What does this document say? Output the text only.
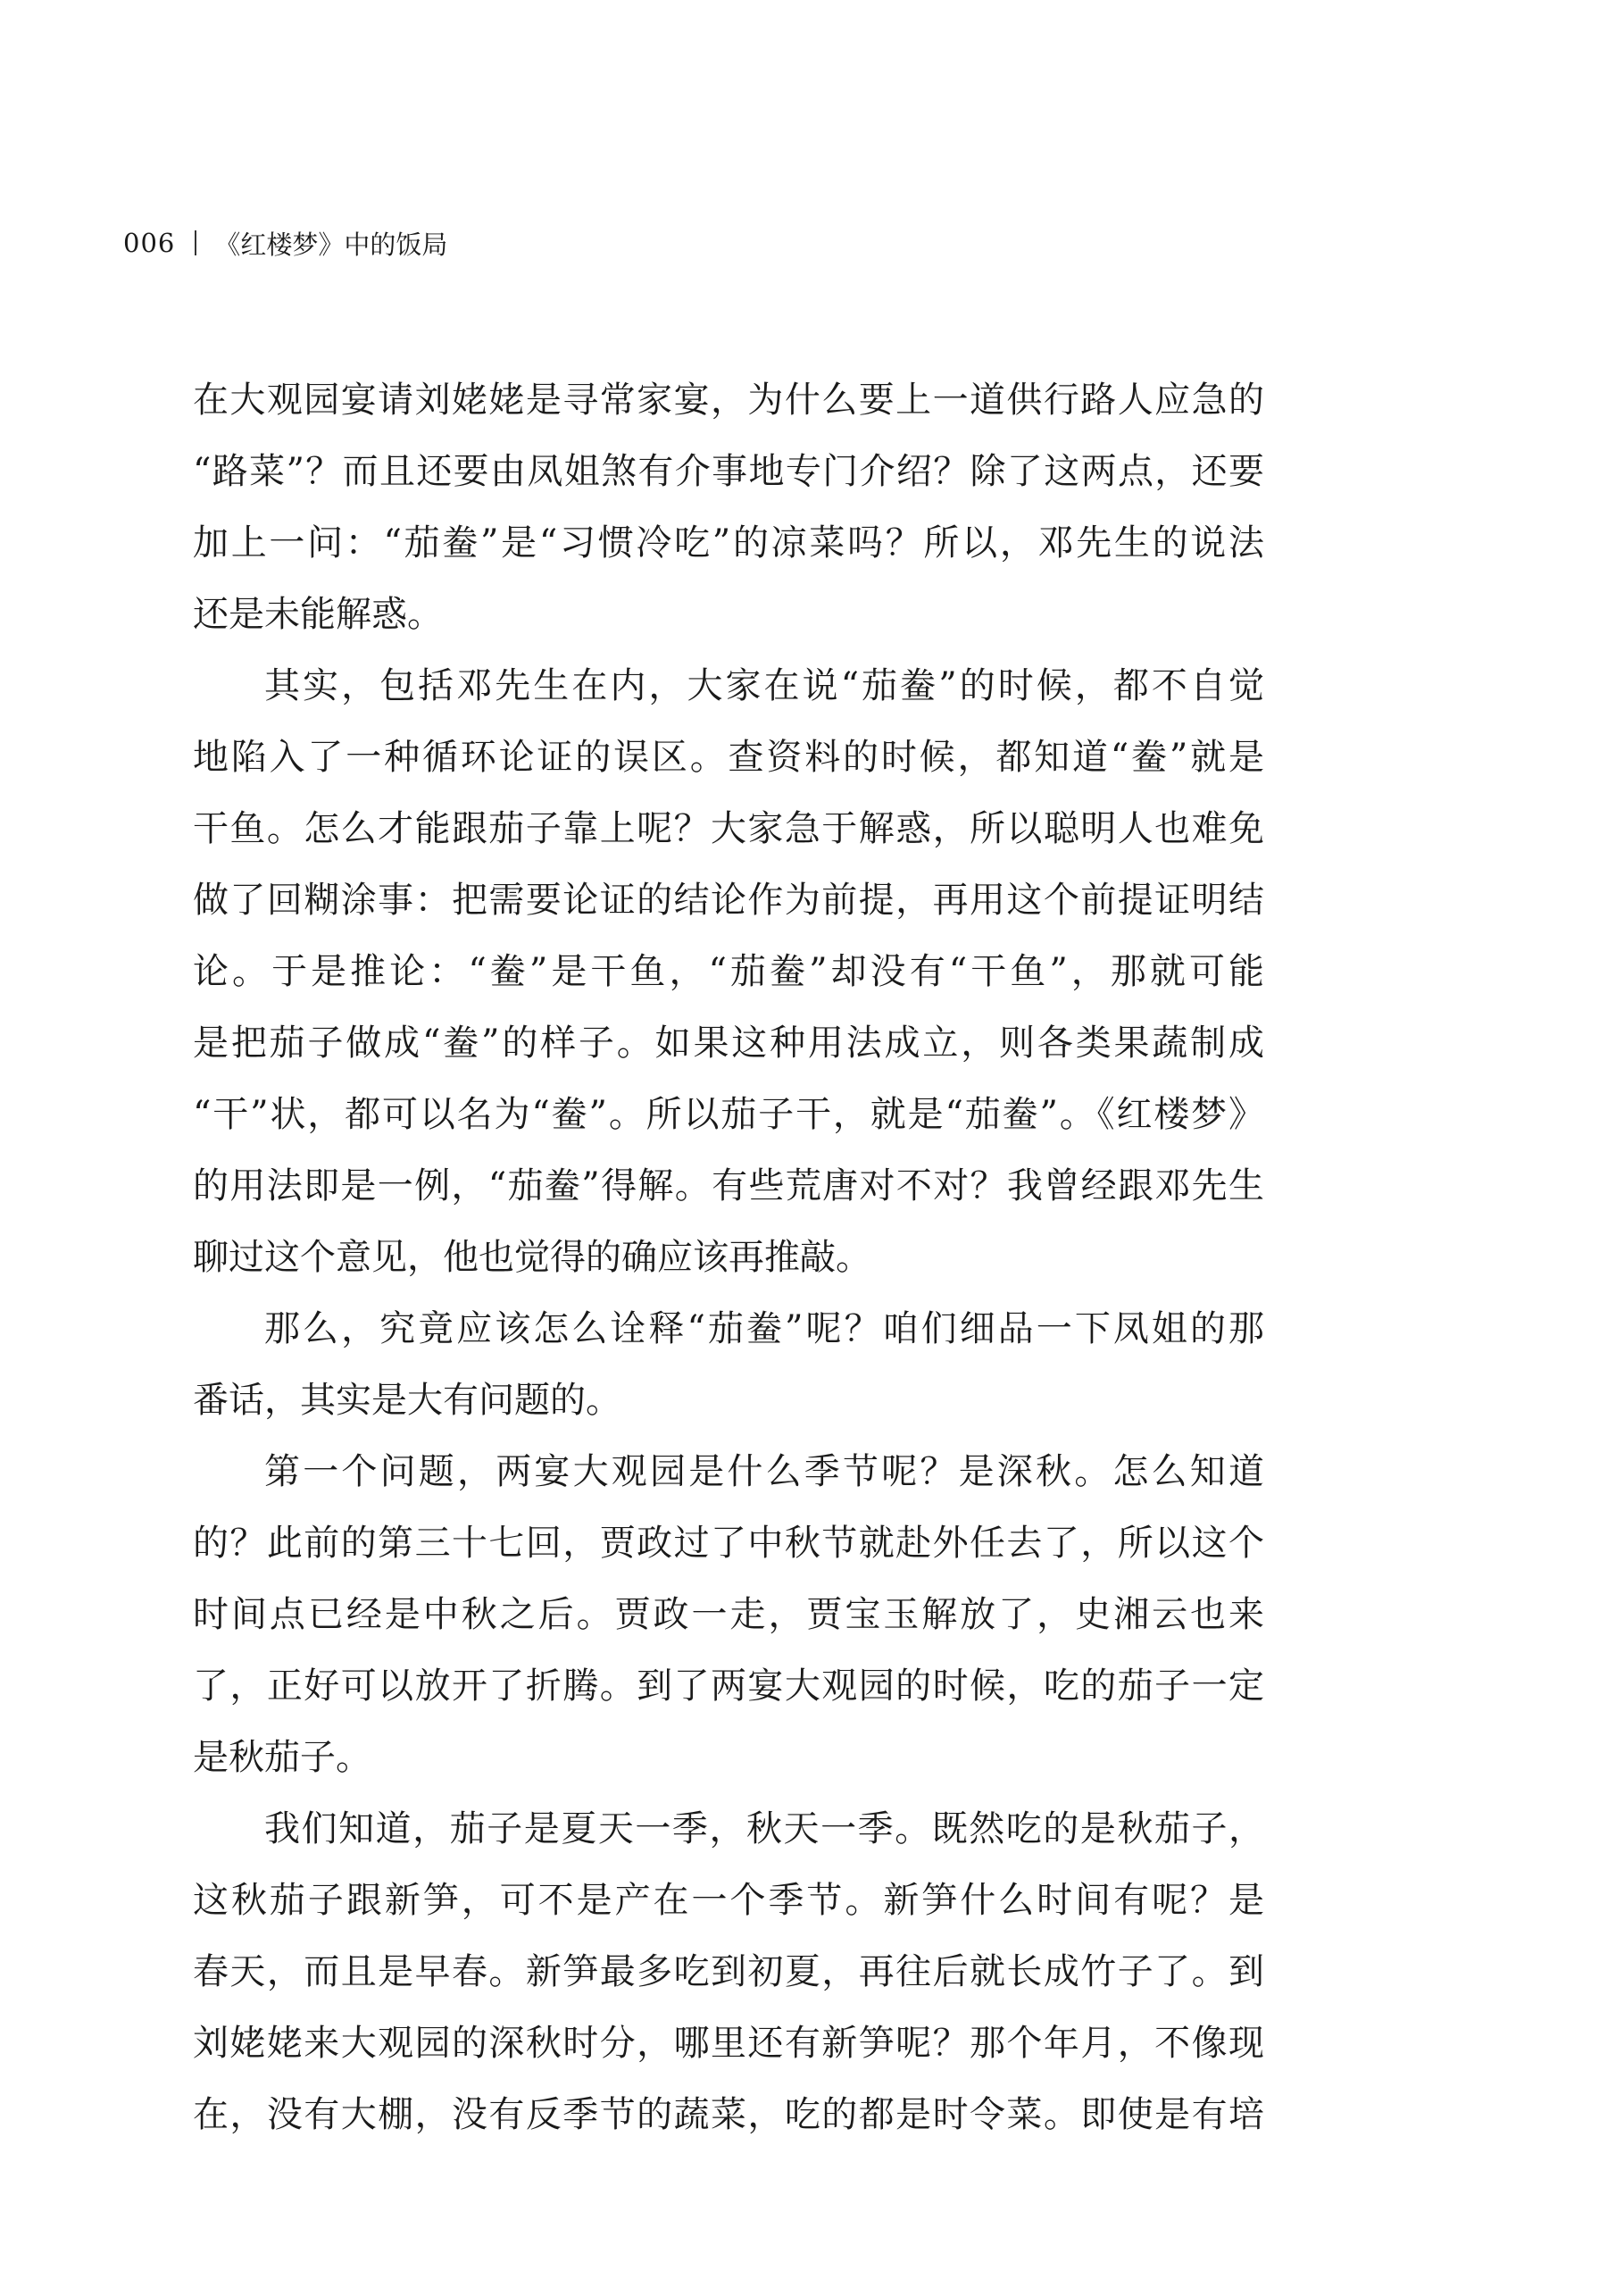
006 《红楼梦》中的饭局
在大观园宴请刘姥姥是寻常家宴，为什么要上一道供行路人应急的
“路菜”？而且还要由凤姐煞有介事地专门介绍？除了这两点，还要
加上一问：“茄鲞”是“习惯冷吃”的凉菜吗？所以，邓先生的说法
还是未能解惑。
其实，包括邓先生在内，大家在说“茄鲞”的时候，都不自觉
地陷入了一种循环论证的误区。查资料的时候，都知道“鲞”就是
干鱼。怎么才能跟茄子靠上呢？大家急于解惑，所以聪明人也难免
做了回糊涂事：把需要论证的结论作为前提，再用这个前提证明结
论。于是推论：“鲞”是干鱼，“茄鲞”却没有“干鱼”，那就可能
是把茄子做成“鲞”的样子。如果这种用法成立，则各类果蔬制成
“干”状，都可以名为“鲞”。所以茄子干，就是“茄鲞”。《红楼梦》
的用法即是一例，“茄鲞”得解。有些荒唐对不对？我曾经跟邓先生
聊过这个意见，他也觉得的确应该再推敲。
那么，究竟应该怎么诠释“茄鲞”呢？咱们细品一下凤姐的那
番话，其实是大有问题的。
第一个问题，两宴大观园是什么季节呢？是深秋。怎么知道
的？此前的第三十七回，贾政过了中秋节就赴外任去了，所以这个
时间点已经是中秋之后。贾政一走，贾宝玉解放了，史湘云也来
了，正好可以放开了折腾。到了两宴大观园的时候，吃的茄子一定
是秋茄子。
我们知道，茄子是夏天一季，秋天一季。既然吃的是秋茄子，
这秋茄子跟新笋，可不是产在一个季节。新笋什么时间有呢？是
春天，而且是早春。新笋最多吃到初夏，再往后就长成竹子了。到
刘姥姥来大观园的深秋时分，哪里还有新笋呢？那个年月，不像现
在，没有大棚，没有反季节的蔬菜，吃的都是时令菜。即使是有培
